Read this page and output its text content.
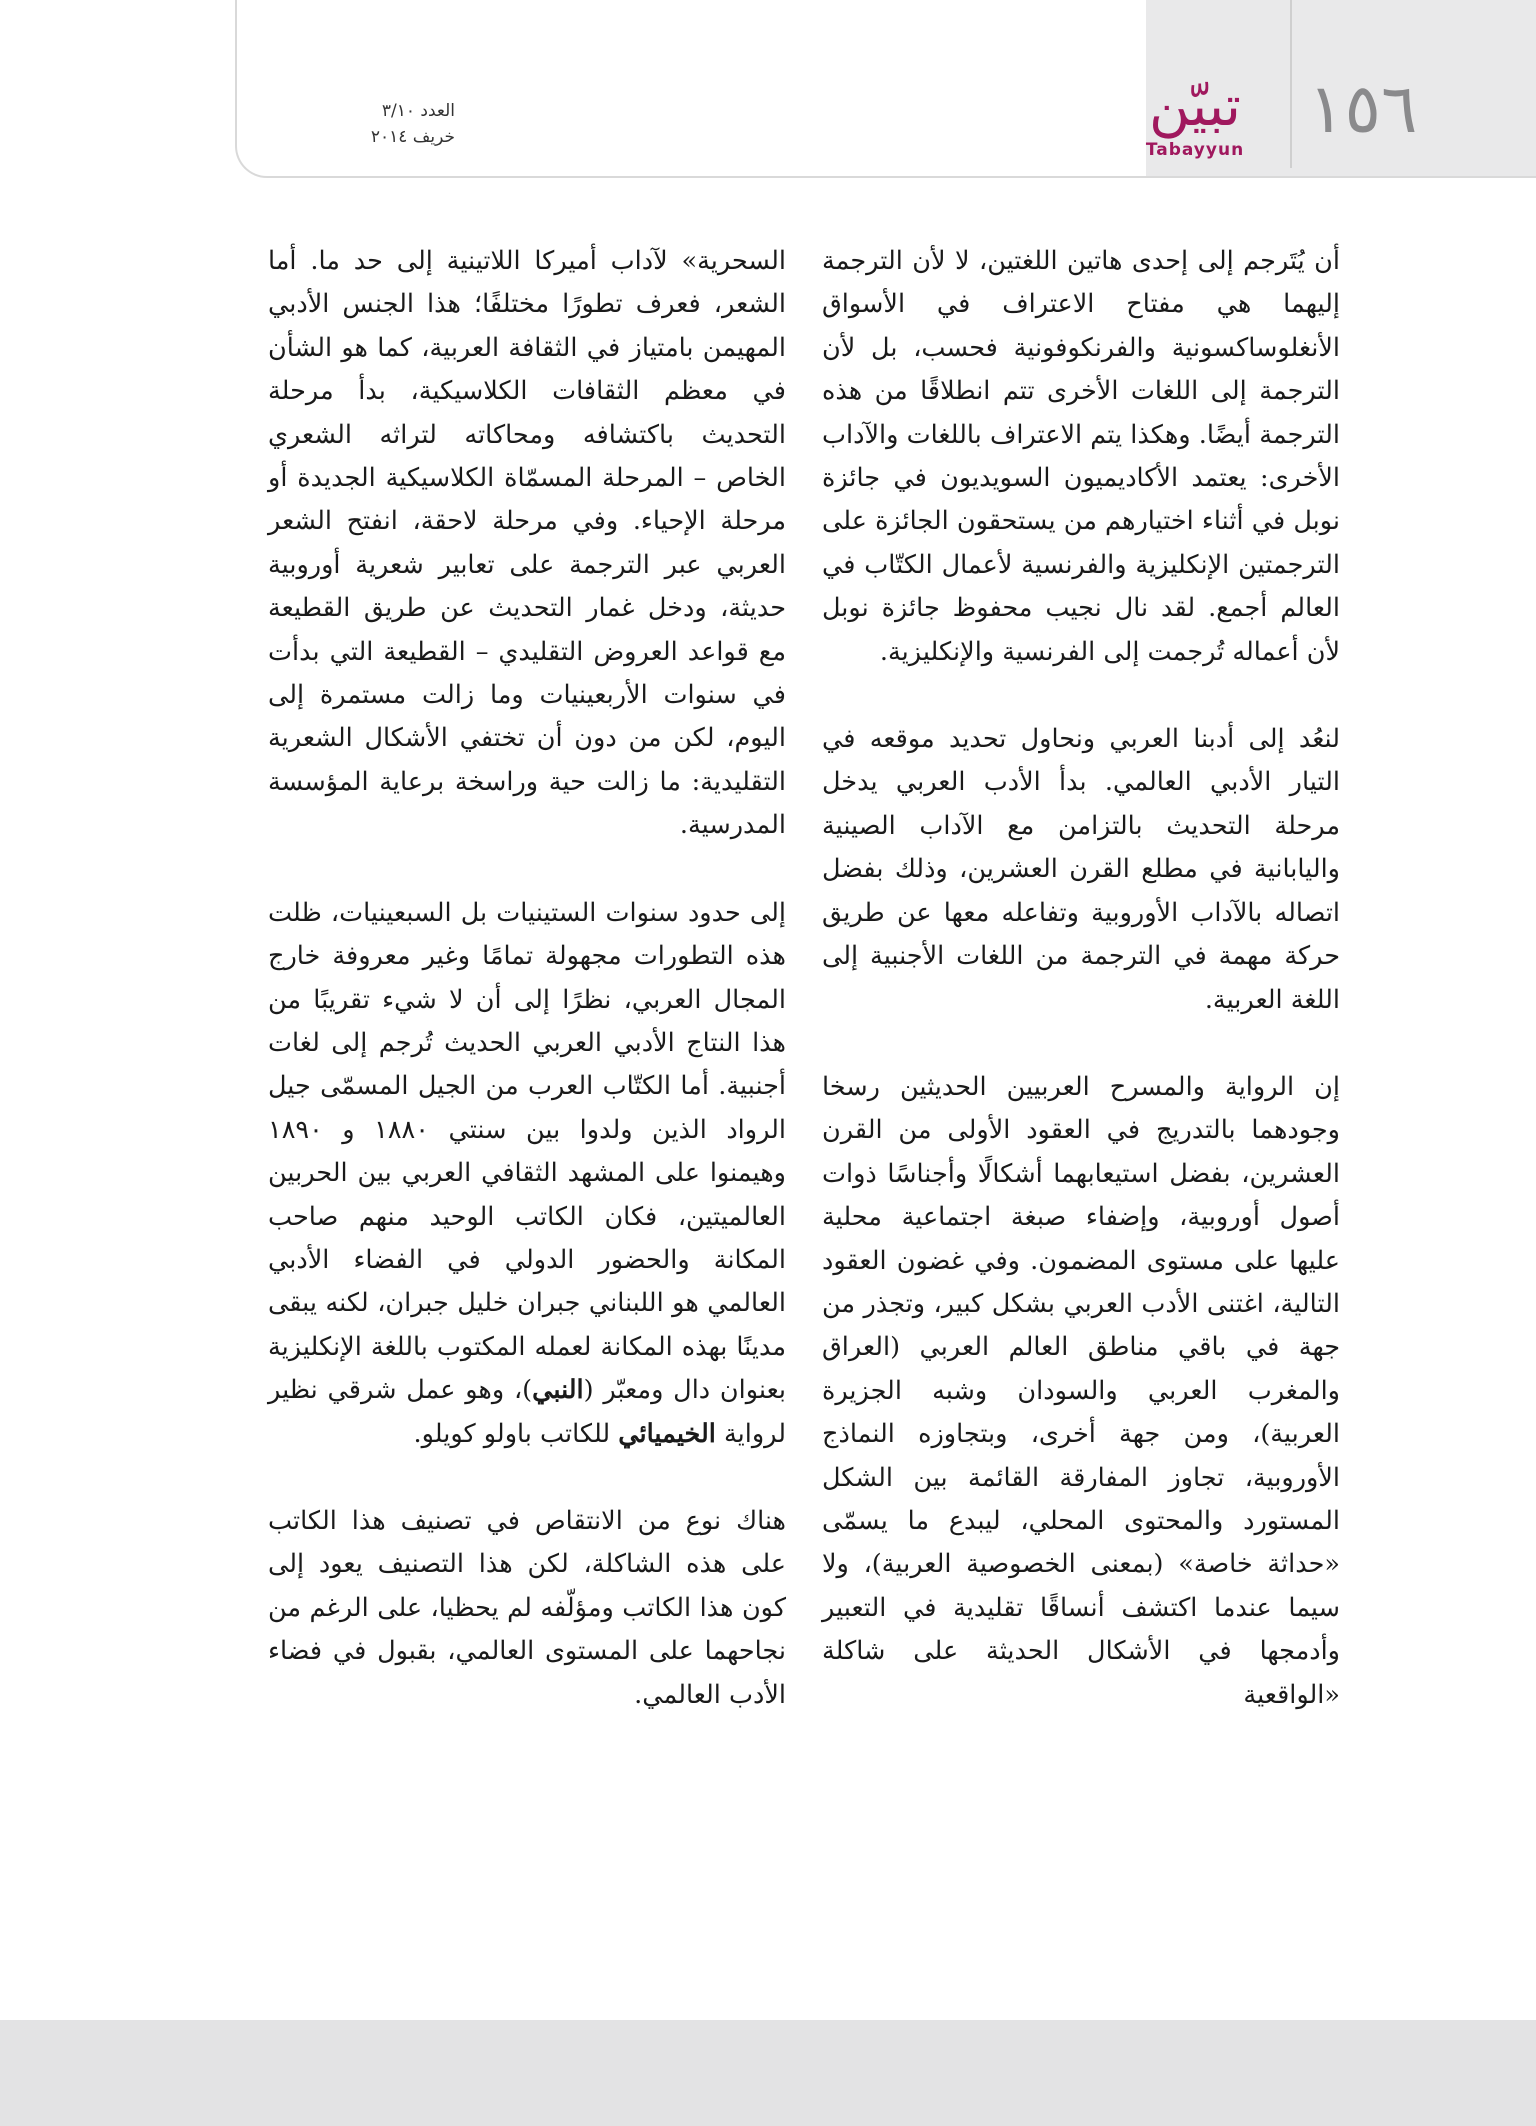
١٥٦
تبيّن
Tabayyun
العدد ٣/١٠
خريف ٢٠١٤

أن يُتَرجم إلى إحدى هاتين اللغتين، لا لأن الترجمة إليهما هي مفتاح الاعتراف في الأسواق الأنغلوساكسونية والفرنكوفونية فحسب، بل لأن الترجمة إلى اللغات الأخرى تتم انطلاقًا من هذه الترجمة أيضًا. وهكذا يتم الاعتراف باللغات والآداب الأخرى: يعتمد الأكاديميون السويديون في جائزة نوبل في أثناء اختيارهم من يستحقون الجائزة على الترجمتين الإنكليزية والفرنسية لأعمال الكتّاب في العالم أجمع. لقد نال نجيب محفوظ جائزة نوبل لأن أعماله تُرجمت إلى الفرنسية والإنكليزية.

لنعُد إلى أدبنا العربي ونحاول تحديد موقعه في التيار الأدبي العالمي. بدأ الأدب العربي يدخل مرحلة التحديث بالتزامن مع الآداب الصينية واليابانية في مطلع القرن العشرين، وذلك بفضل اتصاله بالآداب الأوروبية وتفاعله معها عن طريق حركة مهمة في الترجمة من اللغات الأجنبية إلى اللغة العربية.

إن الرواية والمسرح العربيين الحديثين رسخا وجودهما بالتدريج في العقود الأولى من القرن العشرين، بفضل استيعابهما أشكالًا وأجناسًا ذوات أصول أوروبية، وإضفاء صبغة اجتماعية محلية عليها على مستوى المضمون. وفي غضون العقود التالية، اغتنى الأدب العربي بشكل كبير، وتجذر من جهة في باقي مناطق العالم العربي (العراق والمغرب العربي والسودان وشبه الجزيرة العربية)، ومن جهة أخرى، وبتجاوزه النماذج الأوروبية، تجاوز المفارقة القائمة بين الشكل المستورد والمحتوى المحلي، ليبدع ما يسمّى «حداثة خاصة» (بمعنى الخصوصية العربية)، ولا سيما عندما اكتشف أنساقًا تقليدية في التعبير وأدمجها في الأشكال الحديثة على شاكلة «الواقعية

السحرية» لآداب أميركا اللاتينية إلى حد ما. أما الشعر، فعرف تطورًا مختلفًا؛ هذا الجنس الأدبي المهيمن بامتياز في الثقافة العربية، كما هو الشأن في معظم الثقافات الكلاسيكية، بدأ مرحلة التحديث باكتشافه ومحاكاته لتراثه الشعري الخاص – المرحلة المسمّاة الكلاسيكية الجديدة أو مرحلة الإحياء. وفي مرحلة لاحقة، انفتح الشعر العربي عبر الترجمة على تعابير شعرية أوروبية حديثة، ودخل غمار التحديث عن طريق القطيعة مع قواعد العروض التقليدي – القطيعة التي بدأت في سنوات الأربعينيات وما زالت مستمرة إلى اليوم، لكن من دون أن تختفي الأشكال الشعرية التقليدية: ما زالت حية وراسخة برعاية المؤسسة المدرسية.

إلى حدود سنوات الستينيات بل السبعينيات، ظلت هذه التطورات مجهولة تمامًا وغير معروفة خارج المجال العربي، نظرًا إلى أن لا شيء تقريبًا من هذا النتاج الأدبي العربي الحديث تُرجم إلى لغات أجنبية. أما الكتّاب العرب من الجيل المسمّى جيل الرواد الذين ولدوا بين سنتي ١٨٨٠ و ١٨٩٠ وهيمنوا على المشهد الثقافي العربي بين الحربين العالميتين، فكان الكاتب الوحيد منهم صاحب المكانة والحضور الدولي في الفضاء الأدبي العالمي هو اللبناني جبران خليل جبران، لكنه يبقى مدينًا بهذه المكانة لعمله المكتوب باللغة الإنكليزية بعنوان دال ومعبّر (النبي)، وهو عمل شرقي نظير لرواية الخيميائي للكاتب باولو كويلو.

هناك نوع من الانتقاص في تصنيف هذا الكاتب على هذه الشاكلة، لكن هذا التصنيف يعود إلى كون هذا الكاتب ومؤلّفه لم يحظيا، على الرغم من نجاحهما على المستوى العالمي، بقبول في فضاء الأدب العالمي.
